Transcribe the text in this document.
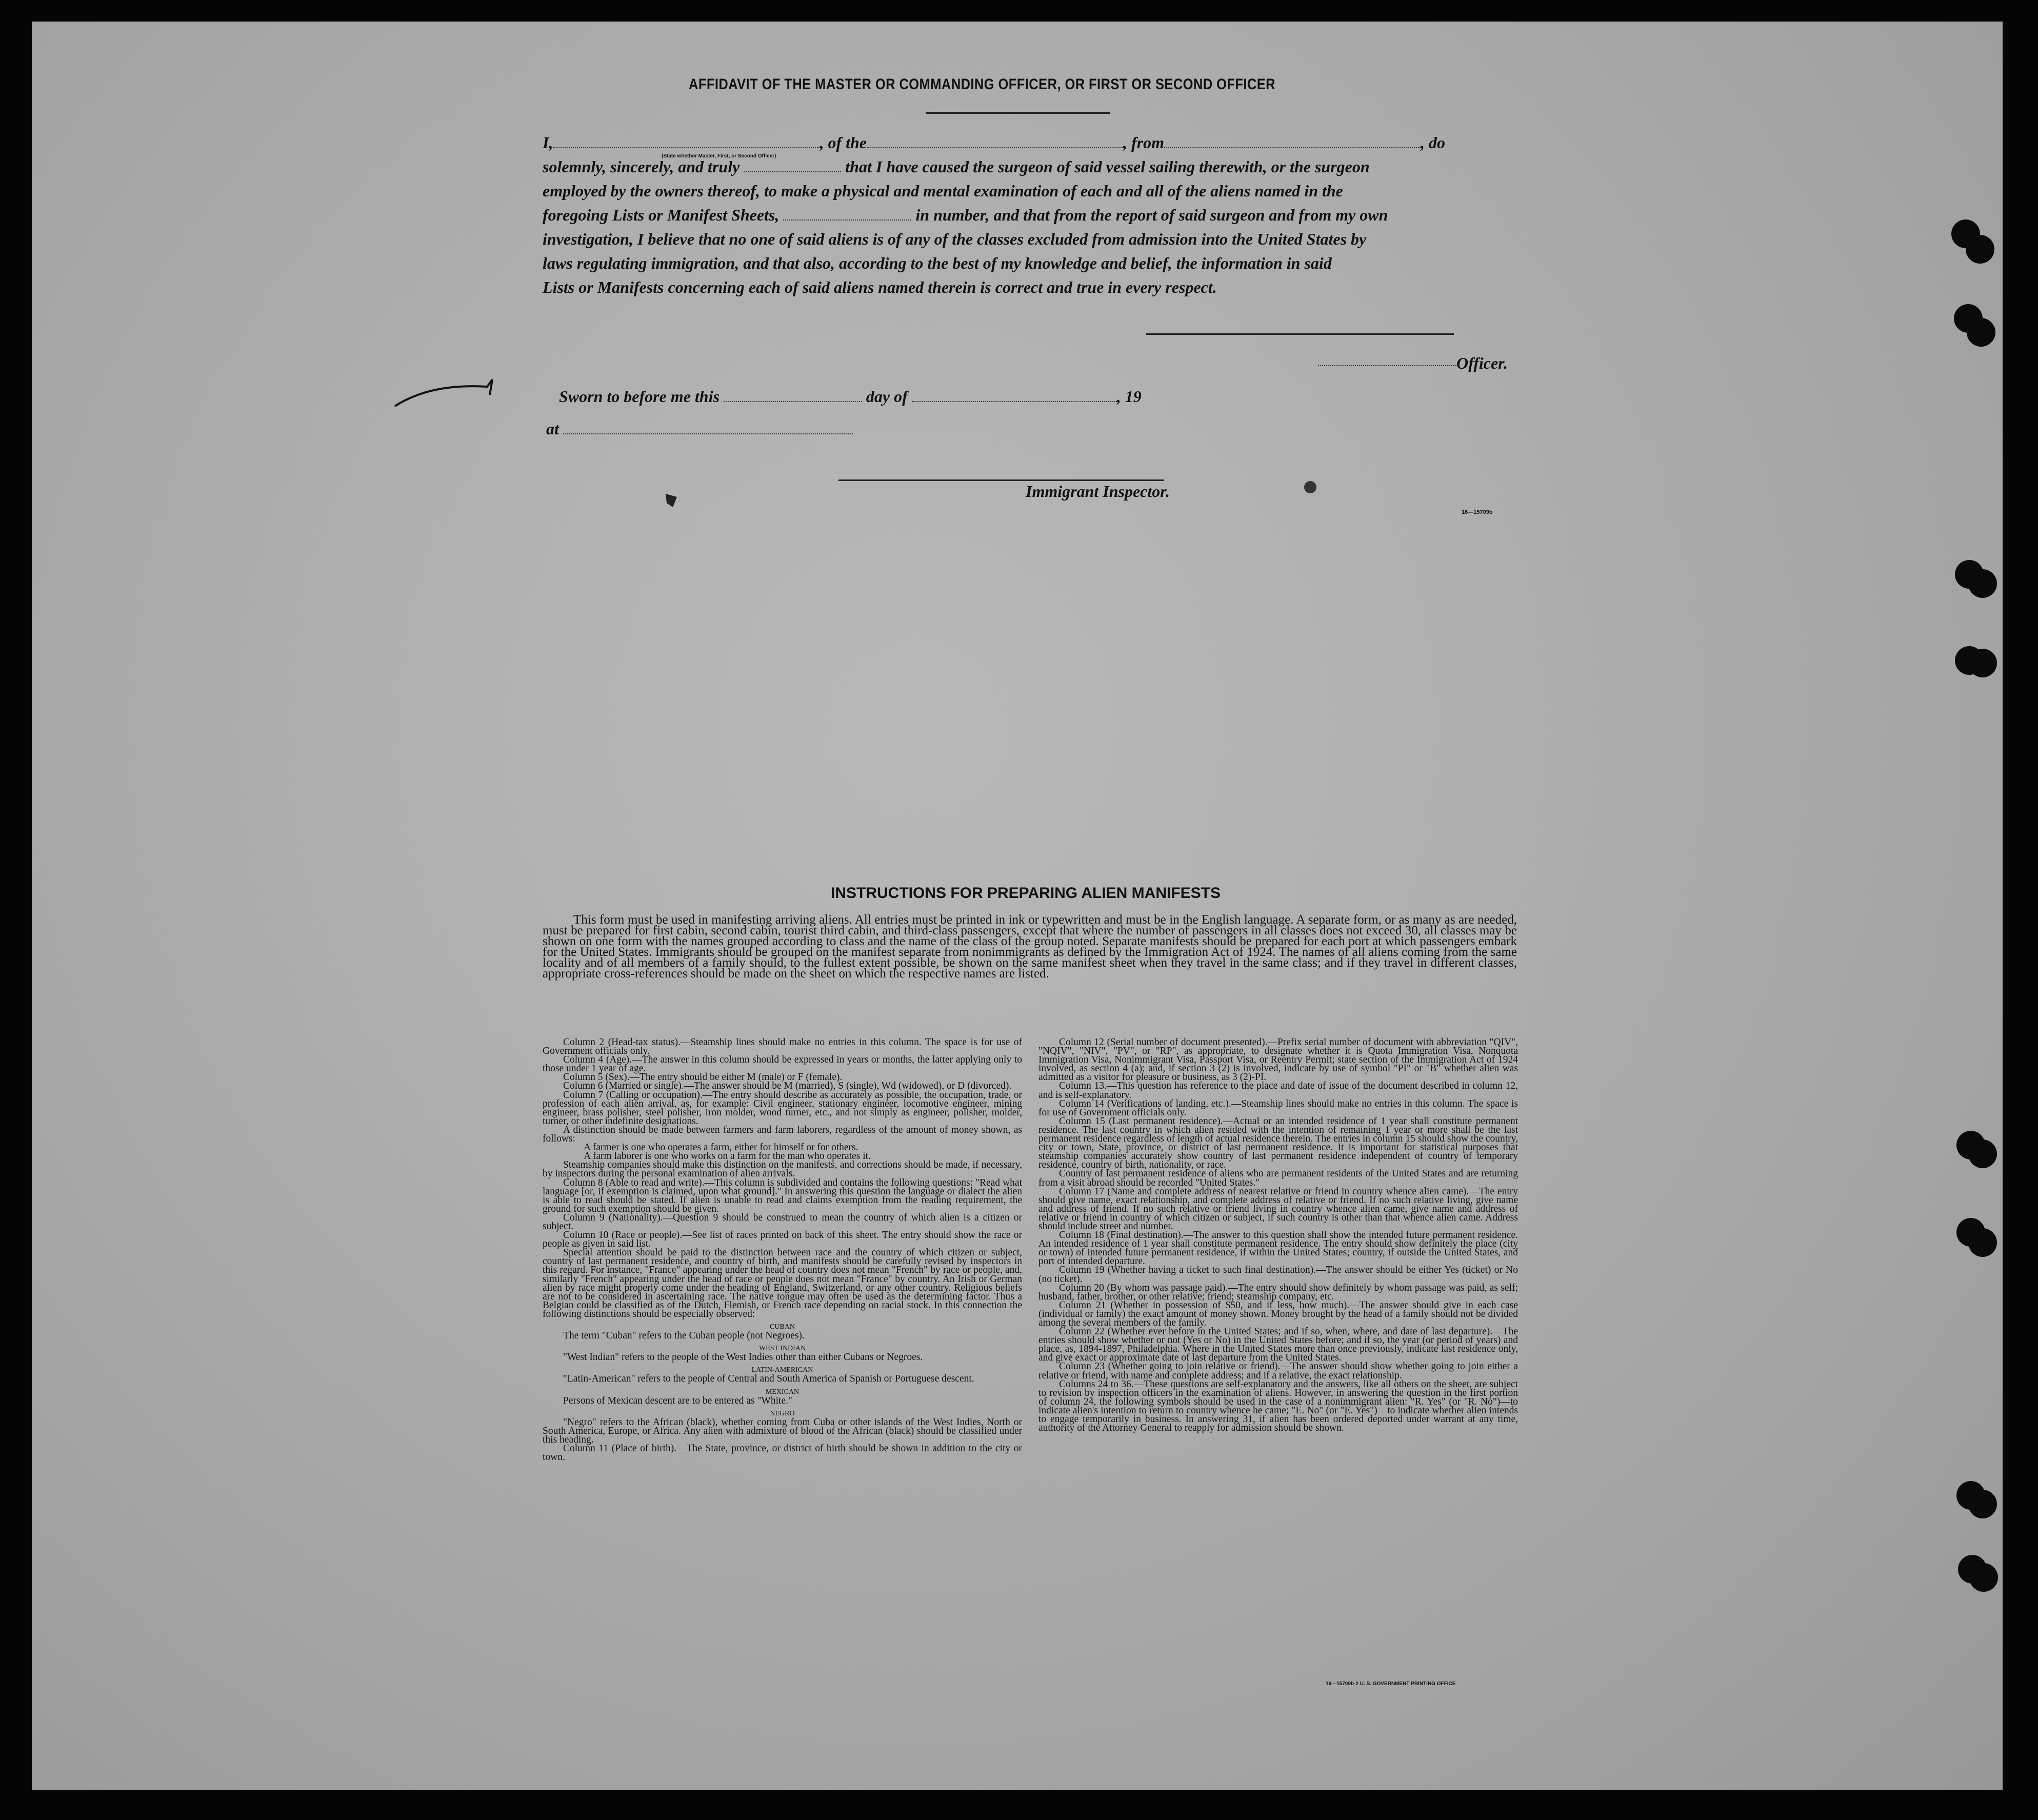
AFFIDAVIT OF THE MASTER OR COMMANDING OFFICER, OR FIRST OR SECOND OFFICER
I,	, of the	, from	, do
solemnly, sincerely, and truly	that I have caused the surgeon of said vessel sailing therewith, or the surgeon
employed by the owners thereof, to make a physical and mental examination of each and all of the aliens named in the
foregoing Lists or Manifest Sheets,	in number, and that from the report of said surgeon and from my own
investigation, I believe that no one of said aliens is of any of the classes excluded from admission into the United States by
laws regulating immigration, and that also, according to the best of my knowledge and belief, the information in said
Lists or Manifests concerning each of said aliens named therein is correct and true in every respect.
(State whether Master, First, or Second Officer)
Officer.
Sworn to before me this	day of	, 19
at
Immigrant Inspector.
16—15709b
INSTRUCTIONS FOR PREPARING ALIEN MANIFESTS
This form must be used in manifesting arriving aliens. All entries must be printed in ink or typewritten and must be in the English language. A separate form, or as many as are needed, must be prepared for first cabin, second cabin, tourist third cabin, and third-class passengers, except that where the number of passengers in all classes does not exceed 30, all classes may be shown on one form with the names grouped according to class and the name of the class of the group noted. Separate manifests should be prepared for each port at which passengers embark for the United States. Immigrants should be grouped on the manifest separate from nonimmigrants as defined by the Immigration Act of 1924. The names of all aliens coming from the same locality and of all members of a family should, to the fullest extent possible, be shown on the same manifest sheet when they travel in the same class; and if they travel in different classes, appropriate cross-references should be made on the sheet on which the respective names are listed.

Column 2 (Head-tax status).—Steamship lines should make no entries in this column. The space is for use of Government officials only.

Column 4 (Age).—The answer in this column should be expressed in years or months, the latter applying only to those under 1 year of age.

Column 5 (Sex).—The entry should be either M (male) or F (female).

Column 6 (Married or single).—The answer should be M (married), S (single), Wd (widowed), or D (divorced).

Column 7 (Calling or occupation).—The entry should describe as accurately as possible, the occupation, trade, or profession of each alien arrival, as, for example: Civil engineer, stationary engineer, locomotive engineer, mining engineer, brass polisher, steel polisher, iron molder, wood turner, etc., and not simply as engineer, polisher, molder, turner, or other indefinite designations.

A distinction should be made between farmers and farm laborers, regardless of the amount of money shown, as follows:

A farmer is one who operates a farm, either for himself or for others.

A farm laborer is one who works on a farm for the man who operates it.

Steamship companies should make this distinction on the manifests, and corrections should be made, if necessary, by inspectors during the personal examination of alien arrivals.

Column 8 (Able to read and write).—This column is subdivided and contains the following questions: "Read what language [or, if exemption is claimed, upon what ground]." In answering this question the language or dialect the alien is able to read should be stated. If alien is unable to read and claims exemption from the reading requirement, the ground for such exemption should be given.

Column 9 (Nationality).—Question 9 should be construed to mean the country of which alien is a citizen or subject.

Column 10 (Race or people).—See list of races printed on back of this sheet. The entry should show the race or people as given in said list.

Special attention should be paid to the distinction between race and the country of which citizen or subject, country of last permanent residence, and country of birth, and manifests should be carefully revised by inspectors in this regard. For instance, "France" appearing under the head of country does not mean "French" by race or people, and, similarly "French" appearing under the head of race or people does not mean "France" by country. An Irish or German alien by race might properly come under the heading of England, Switzerland, or any other country. Religious beliefs are not to be considered in ascertaining race. The native tongue may often be used as the determining factor. Thus a Belgian could be classified as of the Dutch, Flemish, or French race depending on racial stock. In this connection the following distinctions should be especially observed:

CUBAN

The term "Cuban" refers to the Cuban people (not Negroes).

WEST INDIAN

"West Indian" refers to the people of the West Indies other than either Cubans or Negroes.

LATIN-AMERICAN

"Latin-American" refers to the people of Central and South America of Spanish or Portuguese descent.

MEXICAN

Persons of Mexican descent are to be entered as "White."

NEGRO

"Negro" refers to the African (black), whether coming from Cuba or other islands of the West Indies, North or South America, Europe, or Africa. Any alien with admixture of blood of the African (black) should be classified under this heading.

Column 11 (Place of birth).—The State, province, or district of birth should be shown in addition to the city or town.

Column 12 (Serial number of document presented).—Prefix serial number of document with abbreviation "QIV", "NQIV", "NIV", "PV", or "RP", as appropriate, to designate whether it is Quota Immigration Visa, Nonquota Immigration Visa, Nonimmigrant Visa, Passport Visa, or Reentry Permit; state section of the Immigration Act of 1924 involved, as section 4 (a); and, if section 3 (2) is involved, indicate by use of symbol "PI" or "B" whether alien was admitted as a visitor for pleasure or business, as 3 (2)-PI.

Column 13.—This question has reference to the place and date of issue of the document described in column 12, and is self-explanatory.

Column 14 (Verifications of landing, etc.).—Steamship lines should make no entries in this column. The space is for use of Government officials only.

Column 15 (Last permanent residence).—Actual or an intended residence of 1 year shall constitute permanent residence. The last country in which alien resided with the intention of remaining 1 year or more shall be the last permanent residence regardless of length of actual residence therein. The entries in column 15 should show the country, city or town, State, province, or district of last permanent residence. It is important for statistical purposes that steamship companies accurately show country of last permanent residence independent of country of temporary residence, country of birth, nationality, or race.

Country of last permanent residence of aliens who are permanent residents of the United States and are returning from a visit abroad should be recorded "United States."

Column 17 (Name and complete address of nearest relative or friend in country whence alien came).—The entry should give name, exact relationship, and complete address of relative or friend. If no such relative living, give name and address of friend. If no such relative or friend living in country whence alien came, give name and address of relative or friend in country of which citizen or subject, if such country is other than that whence alien came. Address should include street and number.

Column 18 (Final destination).—The answer to this question shall show the intended future permanent residence. An intended residence of 1 year shall constitute permanent residence. The entry should show definitely the place (city or town) of intended future permanent residence, if within the United States; country, if outside the United States, and port of intended departure.

Column 19 (Whether having a ticket to such final destination).—The answer should be either Yes (ticket) or No (no ticket).

Column 20 (By whom was passage paid).—The entry should show definitely by whom passage was paid, as self; husband, father, brother, or other relative; friend; steamship company, etc.

Column 21 (Whether in possession of $50, and if less, how much).—The answer should give in each case (individual or family) the exact amount of money shown. Money brought by the head of a family should not be divided among the several members of the family.

Column 22 (Whether ever before in the United States; and if so, when, where, and date of last departure).—The entries should show whether or not (Yes or No) in the United States before; and if so, the year (or period of years) and place, as, 1894-1897, Philadelphia. Where in the United States more than once previously, indicate last residence only, and give exact or approximate date of last departure from the United States.

Column 23 (Whether going to join relative or friend).—The answer should show whether going to join either a relative or friend, with name and complete address; and if a relative, the exact relationship.

Columns 24 to 36.—These questions are self-explanatory and the answers, like all others on the sheet, are subject to revision by inspection officers in the examination of aliens. However, in answering the question in the first portion of column 24, the following symbols should be used in the case of a nonimmigrant alien: "R. Yes" (or "R. No")—to indicate alien's intention to return to country whence he came; "E. No" (or "E. Yes")—to indicate whether alien intends to engage temporarily in business. In answering 31, if alien has been ordered deported under warrant at any time, authority of the Attorney General to reapply for admission should be shown.

16—15709b-2 U. S. GOVERNMENT PRINTING OFFICE
